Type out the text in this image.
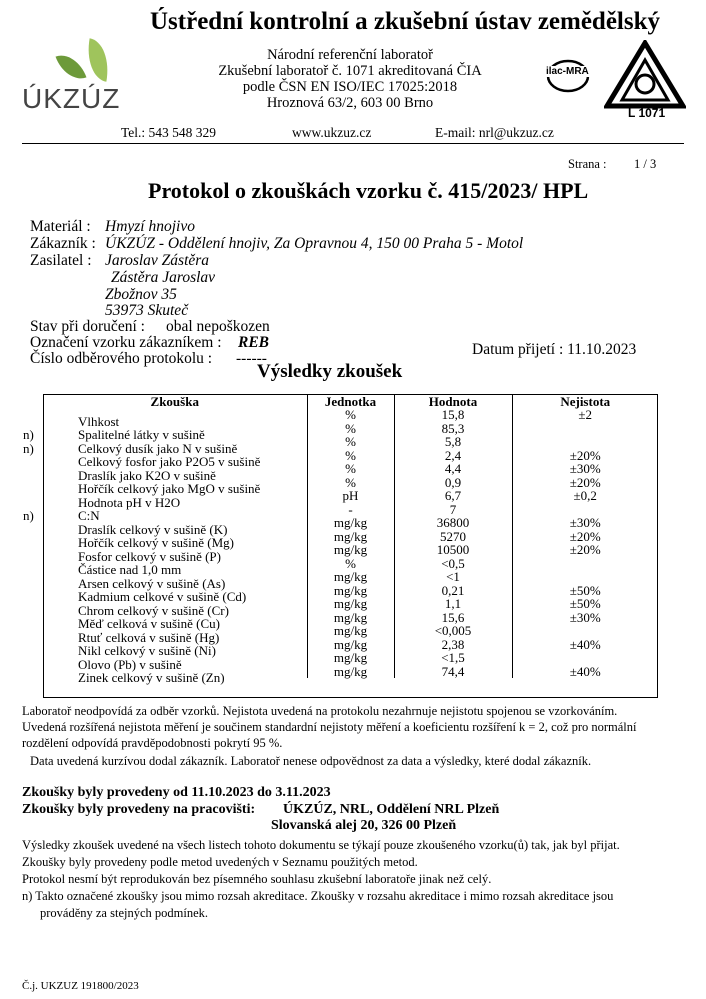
Ústřední kontrolní a zkušební ústav zemědělský
ÚKZÚZ
Národní referenční laboratoř
Zkušební laboratoř č. 1071 akreditovaná ČIA
podle ČSN EN ISO/IEC 17025:2018
Hroznová 63/2, 603 00 Brno
ilac-MRA
L 1071
Tel.: 543 548 329	www.ukzuz.cz	E-mail: nrl@ukzuz.cz
Strana : 1 / 3
Protokol o zkouškách vzorku č. 415/2023/ HPL
Materiál : Hmyzí hnojivo
Zákazník : ÚKZÚZ - Oddělení hnojiv, Za Opravnou 4, 150 00 Praha 5 - Motol
Zasilatel : Jaroslav Zástěra
Zástěra Jaroslav
Zbožnov 35
53973 Skuteč
Stav při doručení : obal nepoškozen
Označení vzorku zákazníkem : REB
Číslo odběrového protokolu : ------
Datum přijetí : 11.10.2023
Výsledky zkoušek
Zkouška	Jednotka	Hodnota	Nejistota

Vlhkost	%	15,8	±2

n) Spalitelné látky v sušině	%	85,3	

n) Celkový dusík jako N v sušině	%	5,8	

Celkový fosfor jako P2O5 v sušině	%	2,4	±20%

Draslík jako K2O v sušině	%	4,4	±30%

Hořčík celkový jako MgO v sušině	%	0,9	±20%

Hodnota pH v H2O	pH	6,7	±0,2

n) C:N	-	7	

Draslík celkový v sušině (K)	mg/kg	36800	±30%

Hořčík celkový v sušině (Mg)	mg/kg	5270	±20%

Fosfor celkový v sušině (P)	mg/kg	10500	±20%

Částice nad 1,0 mm	%	<0,5	

Arsen celkový v sušině (As)	mg/kg	<1	

Kadmium celkové v sušině (Cd)	mg/kg	0,21	±50%

Chrom celkový v sušině (Cr)	mg/kg	1,1	±50%

Měď celková v sušině (Cu)	mg/kg	15,6	±30%

Rtuť celková v sušině (Hg)	mg/kg	<0,005	

Nikl celkový v sušině (Ni)	mg/kg	2,38	±40%

Olovo (Pb) v sušině	mg/kg	<1,5	

Zinek celkový v sušině (Zn)	mg/kg	74,4	±40%
Laboratoř neodpovídá za odběr vzorků. Nejistota uvedená na protokolu nezahrnuje nejistotu spojenou se vzorkováním.
Uvedená rozšířená nejistota měření je součinem standardní nejistoty měření a koeficientu rozšíření k = 2, což pro normální
rozdělení odpovídá pravděpodobnosti pokrytí 95 %.
Data uvedená kurzívou dodal zákazník. Laboratoř nenese odpovědnost za data a výsledky, které dodal zákazník.
Zkoušky byly provedeny od 11.10.2023 do 3.11.2023
Zkoušky byly provedeny na pracovišti: ÚKZÚZ, NRL, Oddělení NRL Plzeň
Slovanská alej 20, 326 00 Plzeň
Výsledky zkoušek uvedené na všech listech tohoto dokumentu se týkají pouze zkoušeného vzorku(ů) tak, jak byl přijat.
Zkoušky byly provedeny podle metod uvedených v Seznamu použitých metod.
Protokol nesmí být reprodukován bez písemného souhlasu zkušební laboratoře jinak než celý.
n) Takto označené zkoušky jsou mimo rozsah akreditace. Zkoušky v rozsahu akreditace i mimo rozsah akreditace jsou
prováděny za stejných podmínek.
Č.j. UKZUZ 191800/2023
